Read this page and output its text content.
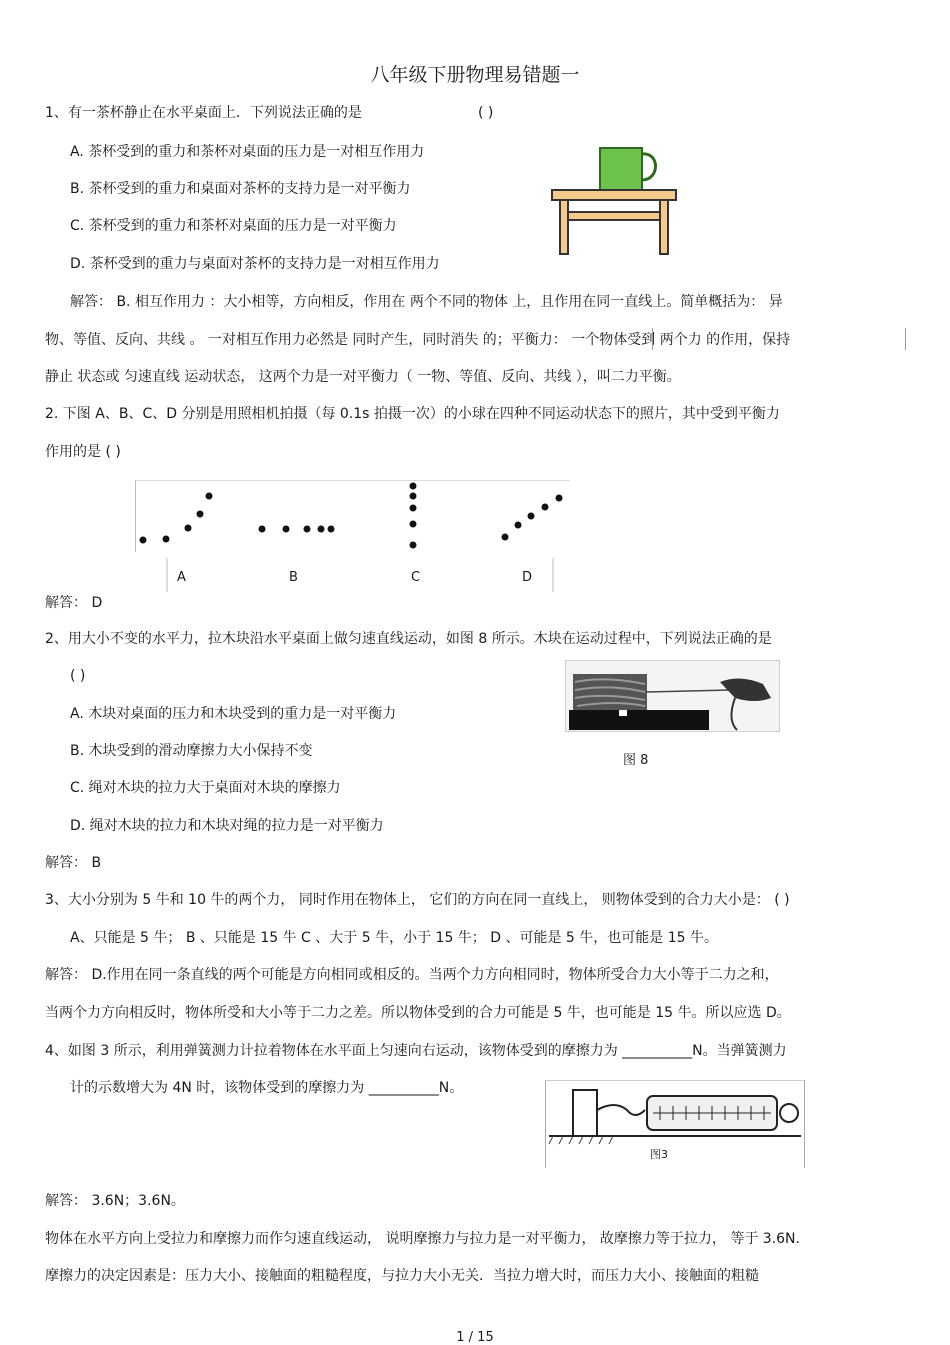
八年级下册物理易错题一
1、有一茶杯静止在水平桌面上．下列说法正确的是	( )
A. 茶杯受到的重力和茶杯对桌面的压力是一对相互作用力
B. 茶杯受到的重力和桌面对茶杯的支持力是一对平衡力
C. 茶杯受到的重力和茶杯对桌面的压力是一对平衡力
D. 茶杯受到的重力与桌面对茶杯的支持力是一对相互作用力
解答： B. 相互作用力 ：大小相等，方向相反，作用在 两个不同的物体 上，且作用在同一直线上。简单概括为： 异
物、等值、反向、共线 。 一对相互作用力必然是 同时产生，同时消失 的；平衡力： 一个物体受到 两个力 的作用，保持
静止 状态或 匀速直线 运动状态， 这两个力是一对平衡力（ 一物、等值、反向、共线 ），叫二力平衡。
2. 下图 A、B、C、D 分别是用照相机拍摄（每 0.1s 拍摄一次）的小球在四种不同运动状态下的照片，其中受到平衡力
作用的是 ( )
A	B	C	D
解答： D
2、用大小不变的水平力，拉木块沿水平桌面上做匀速直线运动，如图 8 所示。木块在运动过程中，下列说法正确的是
( )
A. 木块对桌面的压力和木块受到的重力是一对平衡力
B. 木块受到的滑动摩擦力大小保持不变
C. 绳对木块的拉力大于桌面对木块的摩擦力
D. 绳对木块的拉力和木块对绳的拉力是一对平衡力
图 8
解答： B
3、大小分别为 5 牛和 10 牛的两个力， 同时作用在物体上， 它们的方向在同一直线上， 则物体受到的合力大小是： ( )
A、只能是 5 牛； B 、只能是 15 牛 C 、大于 5 牛，小于 15 牛； D 、可能是 5 牛，也可能是 15 牛。
解答： D.作用在同一条直线的两个可能是方向相同或相反的。当两个力方向相同时，物体所受合力大小等于二力之和，
当两个力方向相反时，物体所受和大小等于二力之差。所以物体受到的合力可能是 5 牛，也可能是 15 牛。所以应选 D。
4、如图 3 所示，利用弹簧测力计拉着物体在水平面上匀速向右运动，该物体受到的摩擦力为 __________N。当弹簧测力
计的示数增大为 4N 时，该物体受到的摩擦力为 __________N。
图3
解答： 3.6N；3.6N。
物体在水平方向上受拉力和摩擦力而作匀速直线运动， 说明摩擦力与拉力是一对平衡力， 故摩擦力等于拉力， 等于 3.6N．
摩擦力的决定因素是：压力大小、接触面的粗糙程度，与拉力大小无关．当拉力增大时，而压力大小、接触面的粗糙
1 / 15
